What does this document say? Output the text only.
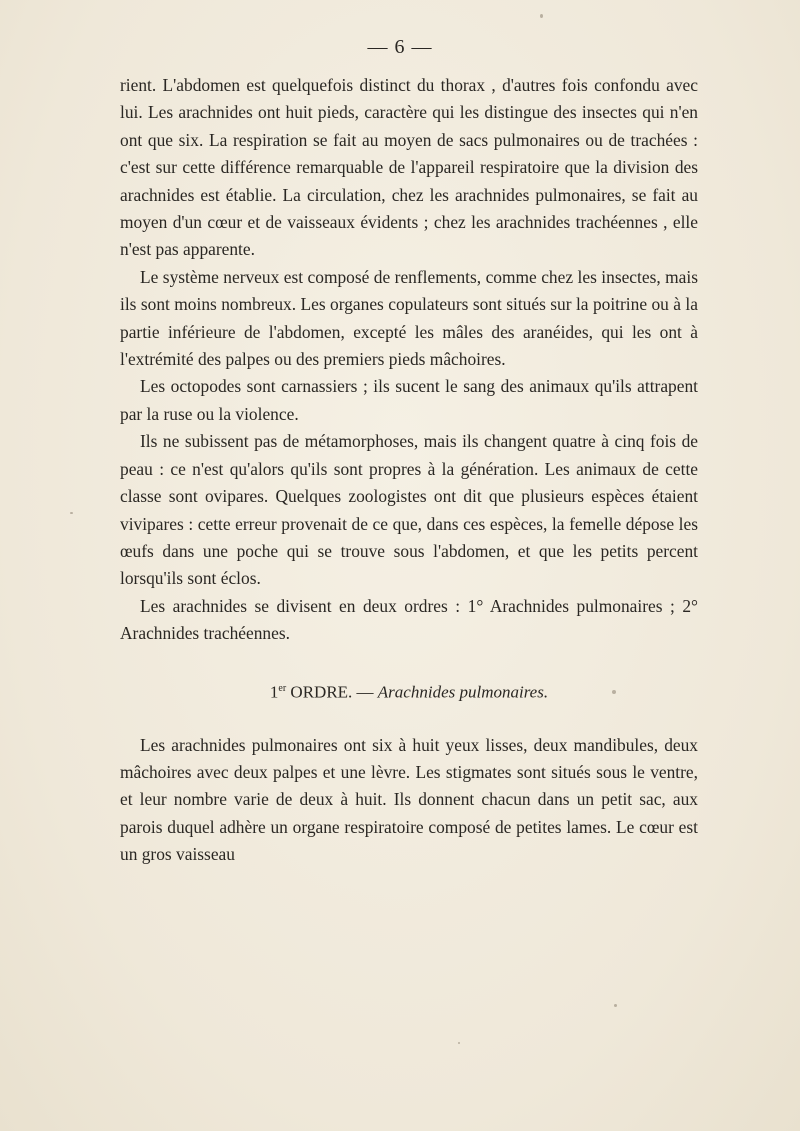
— 6 —

rient. L'abdomen est quelquefois distinct du thorax , d'autres fois confondu avec lui. Les arachnides ont huit pieds, caractère qui les distingue des insectes qui n'en ont que six. La respiration se fait au moyen de sacs pulmonaires ou de trachées : c'est sur cette différence remarquable de l'appareil respiratoire que la division des arachnides est établie. La circulation, chez les arachnides pulmonaires, se fait au moyen d'un cœur et de vaisseaux évidents ; chez les arachnides trachéennes , elle n'est pas apparente.

Le système nerveux est composé de renflements, comme chez les insectes, mais ils sont moins nombreux. Les organes copulateurs sont situés sur la poitrine ou à la partie inférieure de l'abdomen, excepté les mâles des aranéides, qui les ont à l'extrémité des palpes ou des premiers pieds mâchoires.

Les octopodes sont carnassiers ; ils sucent le sang des animaux qu'ils attrapent par la ruse ou la violence.

Ils ne subissent pas de métamorphoses, mais ils changent quatre à cinq fois de peau : ce n'est qu'alors qu'ils sont propres à la génération. Les animaux de cette classe sont ovipares. Quelques zoologistes ont dit que plusieurs espèces étaient vivipares : cette erreur provenait de ce que, dans ces espèces, la femelle dépose les œufs dans une poche qui se trouve sous l'abdomen, et que les petits percent lorsqu'ils sont éclos.

Les arachnides se divisent en deux ordres : 1° Arachnides pulmonaires ; 2° Arachnides trachéennes.

1er ORDRE. — Arachnides pulmonaires.

Les arachnides pulmonaires ont six à huit yeux lisses, deux mandibules, deux mâchoires avec deux palpes et une lèvre. Les stigmates sont situés sous le ventre, et leur nombre varie de deux à huit. Ils donnent chacun dans un petit sac, aux parois duquel adhère un organe respiratoire composé de petites lames. Le cœur est un gros vaisseau
